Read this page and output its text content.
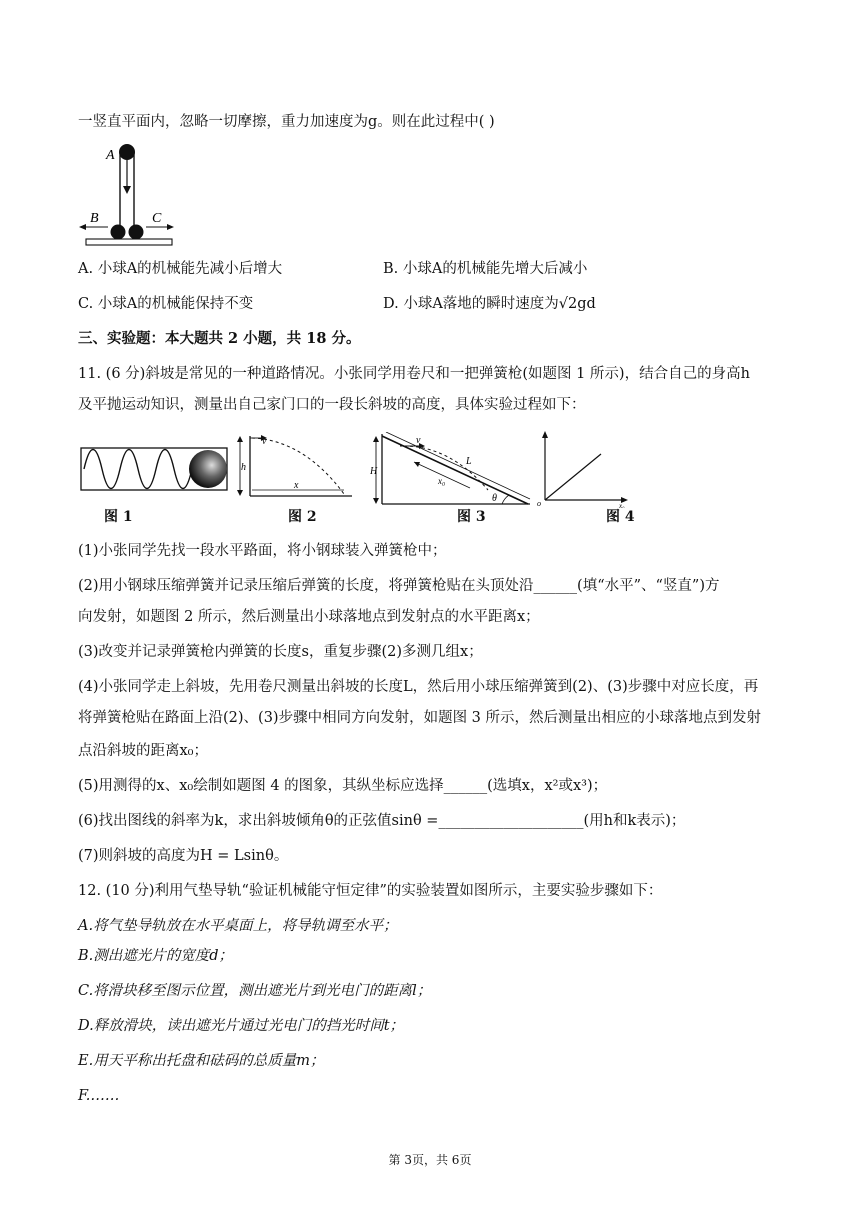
一竖直平面内，忽略一切摩擦，重力加速度为g。则在此过程中( )
A
B	C
A. 小球A的机械能先减小后增大	B. 小球A的机械能先增大后减小
C. 小球A的机械能保持不变	D. 小球A落地的瞬时速度为√2gd
三、实验题：本大题共 2 小题，共 18 分。
11. (6 分)斜坡是常见的一种道路情况。小张同学用卷尺和一把弹簧枪(如题图 1 所示)，结合自己的身高h
及平抛运动知识，测量出自己家门口的一段长斜坡的高度，具体实验过程如下：
v
h
x
v
L
H
x₀
θ	o	x₀
图 1	图 2	图 3	图 4
(1)小张同学先找一段水平路面，将小钢球装入弹簧枪中；
(2)用小钢球压缩弹簧并记录压缩后弹簧的长度，将弹簧枪贴在头顶处沿______(填“水平”、“竖直”)方
向发射，如题图 2 所示，然后测量出小球落地点到发射点的水平距离x；
(3)改变并记录弹簧枪内弹簧的长度s，重复步骤(2)多测几组x；
(4)小张同学走上斜坡，先用卷尺测量出斜坡的长度L，然后用小球压缩弹簧到(2)、(3)步骤中对应长度，再
将弹簧枪贴在路面上沿(2)、(3)步骤中相同方向发射，如题图 3 所示，然后测量出相应的小球落地点到发射
点沿斜坡的距离x₀；
(5)用测得的x、x₀绘制如题图 4 的图象，其纵坐标应选择______(选填x，x²或x³)；
(6)找出图线的斜率为k，求出斜坡倾角θ的正弦值sinθ =____________________(用h和k表示)；
(7)则斜坡的高度为H = Lsinθ。
12. (10 分)利用气垫导轨“验证机械能守恒定律”的实验装置如图所示，主要实验步骤如下：
A.将气垫导轨放在水平桌面上，将导轨调至水平；
B.测出遮光片的宽度d；
C.将滑块移至图示位置，测出遮光片到光电门的距离l；
D.释放滑块，读出遮光片通过光电门的挡光时间t；
E.用天平称出托盘和砝码的总质量m；
F.……
第 3页，共 6页
